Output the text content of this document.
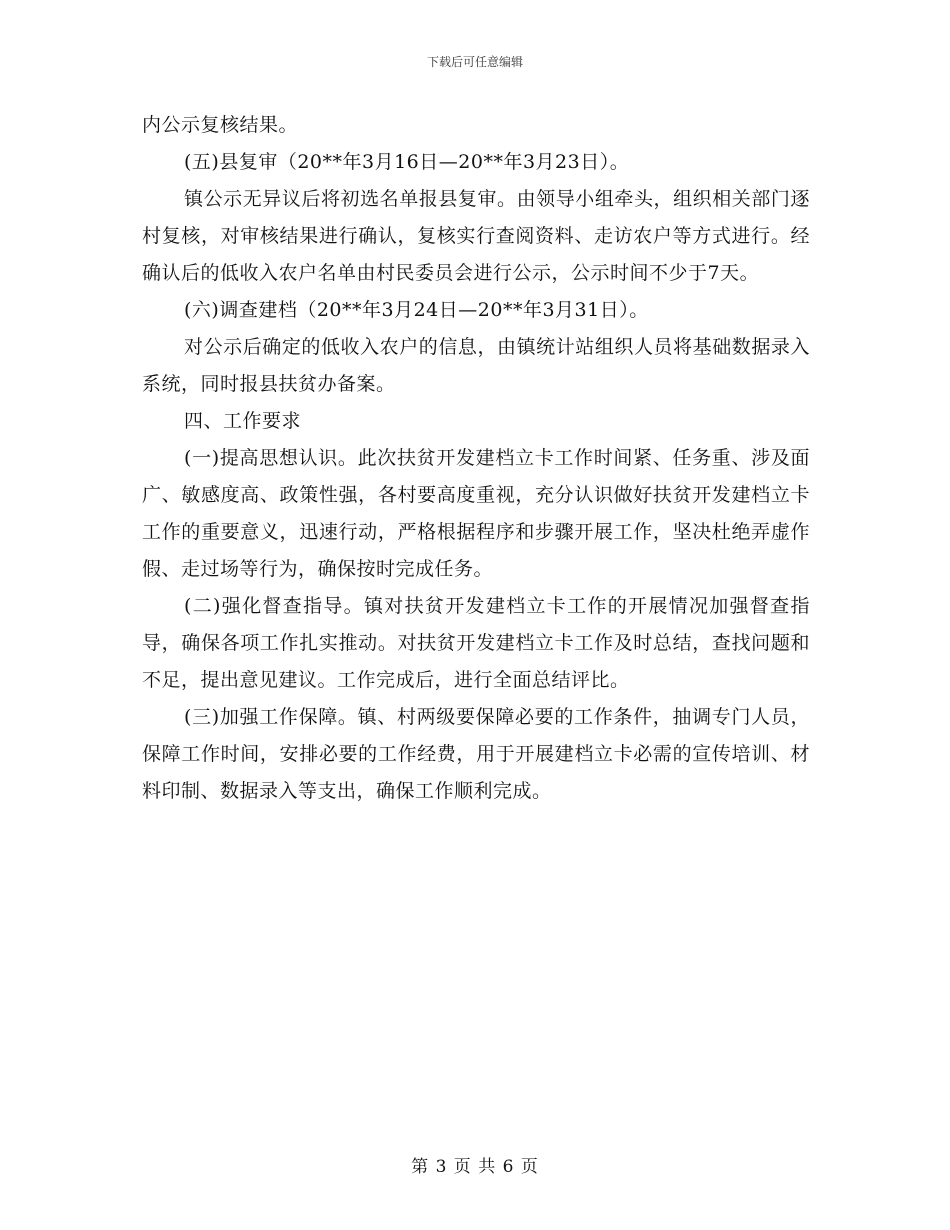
下载后可任意编辑

内公示复核结果。

(五)县复审（20**年3月16日—20**年3月23日）。

镇公示无异议后将初选名单报县复审。由领导小组牵头，组织相关部门逐村复核，对审核结果进行确认，复核实行查阅资料、走访农户等方式进行。经确认后的低收入农户名单由村民委员会进行公示，公示时间不少于7天。

(六)调查建档（20**年3月24日—20**年3月31日）。

对公示后确定的低收入农户的信息，由镇统计站组织人员将基础数据录入系统，同时报县扶贫办备案。

四、工作要求

(一)提高思想认识。此次扶贫开发建档立卡工作时间紧、任务重、涉及面广、敏感度高、政策性强，各村要高度重视，充分认识做好扶贫开发建档立卡工作的重要意义，迅速行动，严格根据程序和步骤开展工作，坚决杜绝弄虚作假、走过场等行为，确保按时完成任务。

(二)强化督查指导。镇对扶贫开发建档立卡工作的开展情况加强督查指导，确保各项工作扎实推动。对扶贫开发建档立卡工作及时总结，查找问题和不足，提出意见建议。工作完成后，进行全面总结评比。

(三)加强工作保障。镇、村两级要保障必要的工作条件，抽调专门人员，保障工作时间，安排必要的工作经费，用于开展建档立卡必需的宣传培训、材料印制、数据录入等支出，确保工作顺利完成。

第 3 页 共 6 页
